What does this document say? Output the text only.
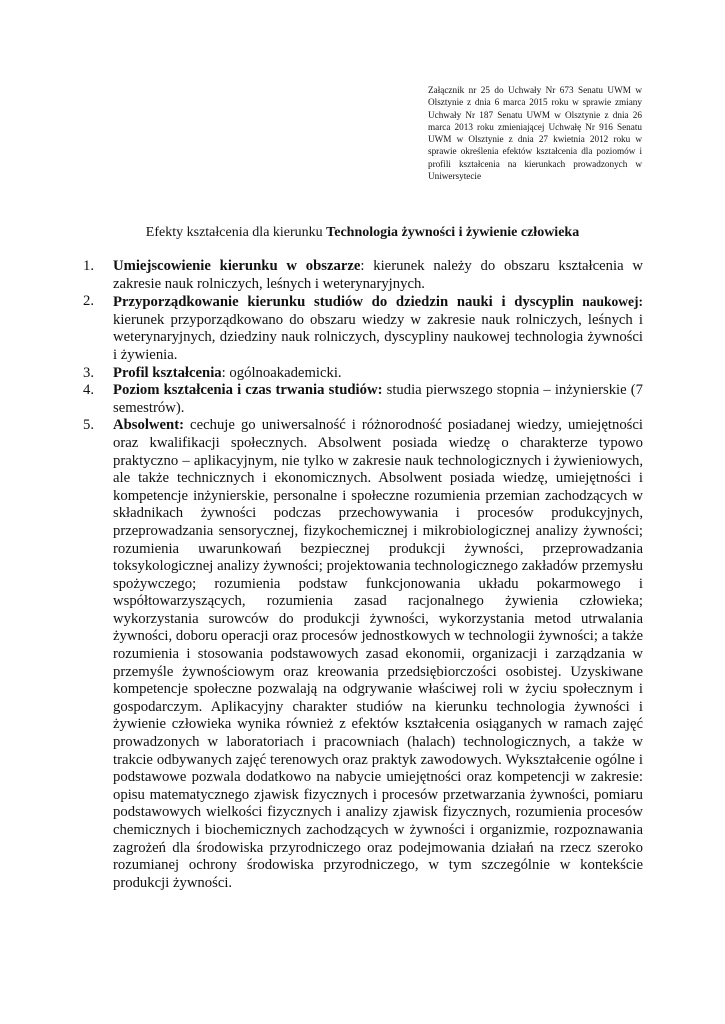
Załącznik nr 25 do Uchwały Nr 673 Senatu UWM w Olsztynie z dnia 6 marca 2015 roku w sprawie zmiany Uchwały Nr 187 Senatu UWM w Olsztynie z dnia 26 marca 2013 roku zmieniającej Uchwałę Nr 916 Senatu UWM w Olsztynie z dnia 27 kwietnia 2012 roku w sprawie określenia efektów kształcenia dla poziomów i profili kształcenia na kierunkach prowadzonych w Uniwersytecie
Efekty kształcenia dla kierunku Technologia żywności i żywienie człowieka
1. Umiejscowienie kierunku w obszarze: kierunek należy do obszaru kształcenia w zakresie nauk rolniczych, leśnych i weterynaryjnych.
2. Przyporządkowanie kierunku studiów do dziedzin nauki i dyscyplin naukowej: kierunek przyporządkowano do obszaru wiedzy w zakresie nauk rolniczych, leśnych i weterynaryjnych, dziedziny nauk rolniczych, dyscypliny naukowej technologia żywności i żywienia.
3. Profil kształcenia: ogólnoakademicki.
4. Poziom kształcenia i czas trwania studiów: studia pierwszego stopnia – inżynierskie (7 semestrów).
5. Absolwent: cechuje go uniwersalność i różnorodność posiadanej wiedzy, umiejętności oraz kwalifikacji społecznych. Absolwent posiada wiedzę o charakterze typowo praktyczno – aplikacyjnym, nie tylko w zakresie nauk technologicznych i żywieniowych, ale także technicznych i ekonomicznych. Absolwent posiada wiedzę, umiejętności i kompetencje inżynierskie, personalne i społeczne rozumienia przemian zachodzących w składnikach żywności podczas przechowywania i procesów produkcyjnych, przeprowadzania sensorycznej, fizykochemicznej i mikrobiologicznej analizy żywności; rozumienia uwarunkowań bezpiecznej produkcji żywności, przeprowadzania toksykologicznej analizy żywności; projektowania technologicznego zakładów przemysłu spożywczego; rozumienia podstaw funkcjonowania układu pokarmowego i współtowarzyszących, rozumienia zasad racjonalnego żywienia człowieka; wykorzystania surowców do produkcji żywności, wykorzystania metod utrwalania żywności, doboru operacji oraz procesów jednostkowych w technologii żywności; a także rozumienia i stosowania podstawowych zasad ekonomii, organizacji i zarządzania w przemyśle żywnościowym oraz kreowania przedsiębiorczości osobistej. Uzyskiwane kompetencje społeczne pozwalają na odgrywanie właściwej roli w życiu społecznym i gospodarczym. Aplikacyjny charakter studiów na kierunku technologia żywności i żywienie człowieka wynika również z efektów kształcenia osiąganych w ramach zajęć prowadzonych w laboratoriach i pracowniach (halach) technologicznych, a także w trakcie odbywanych zajęć terenowych oraz praktyk zawodowych. Wykształcenie ogólne i podstawowe pozwala dodatkowo na nabycie umiejętności oraz kompetencji w zakresie: opisu matematycznego zjawisk fizycznych i procesów przetwarzania żywności, pomiaru podstawowych wielkości fizycznych i analizy zjawisk fizycznych, rozumienia procesów chemicznych i biochemicznych zachodzących w żywności i organizmie, rozpoznawania zagrożeń dla środowiska przyrodniczego oraz podejmowania działań na rzecz szeroko rozumianej ochrony środowiska przyrodniczego, w tym szczególnie w kontekście produkcji żywności.
